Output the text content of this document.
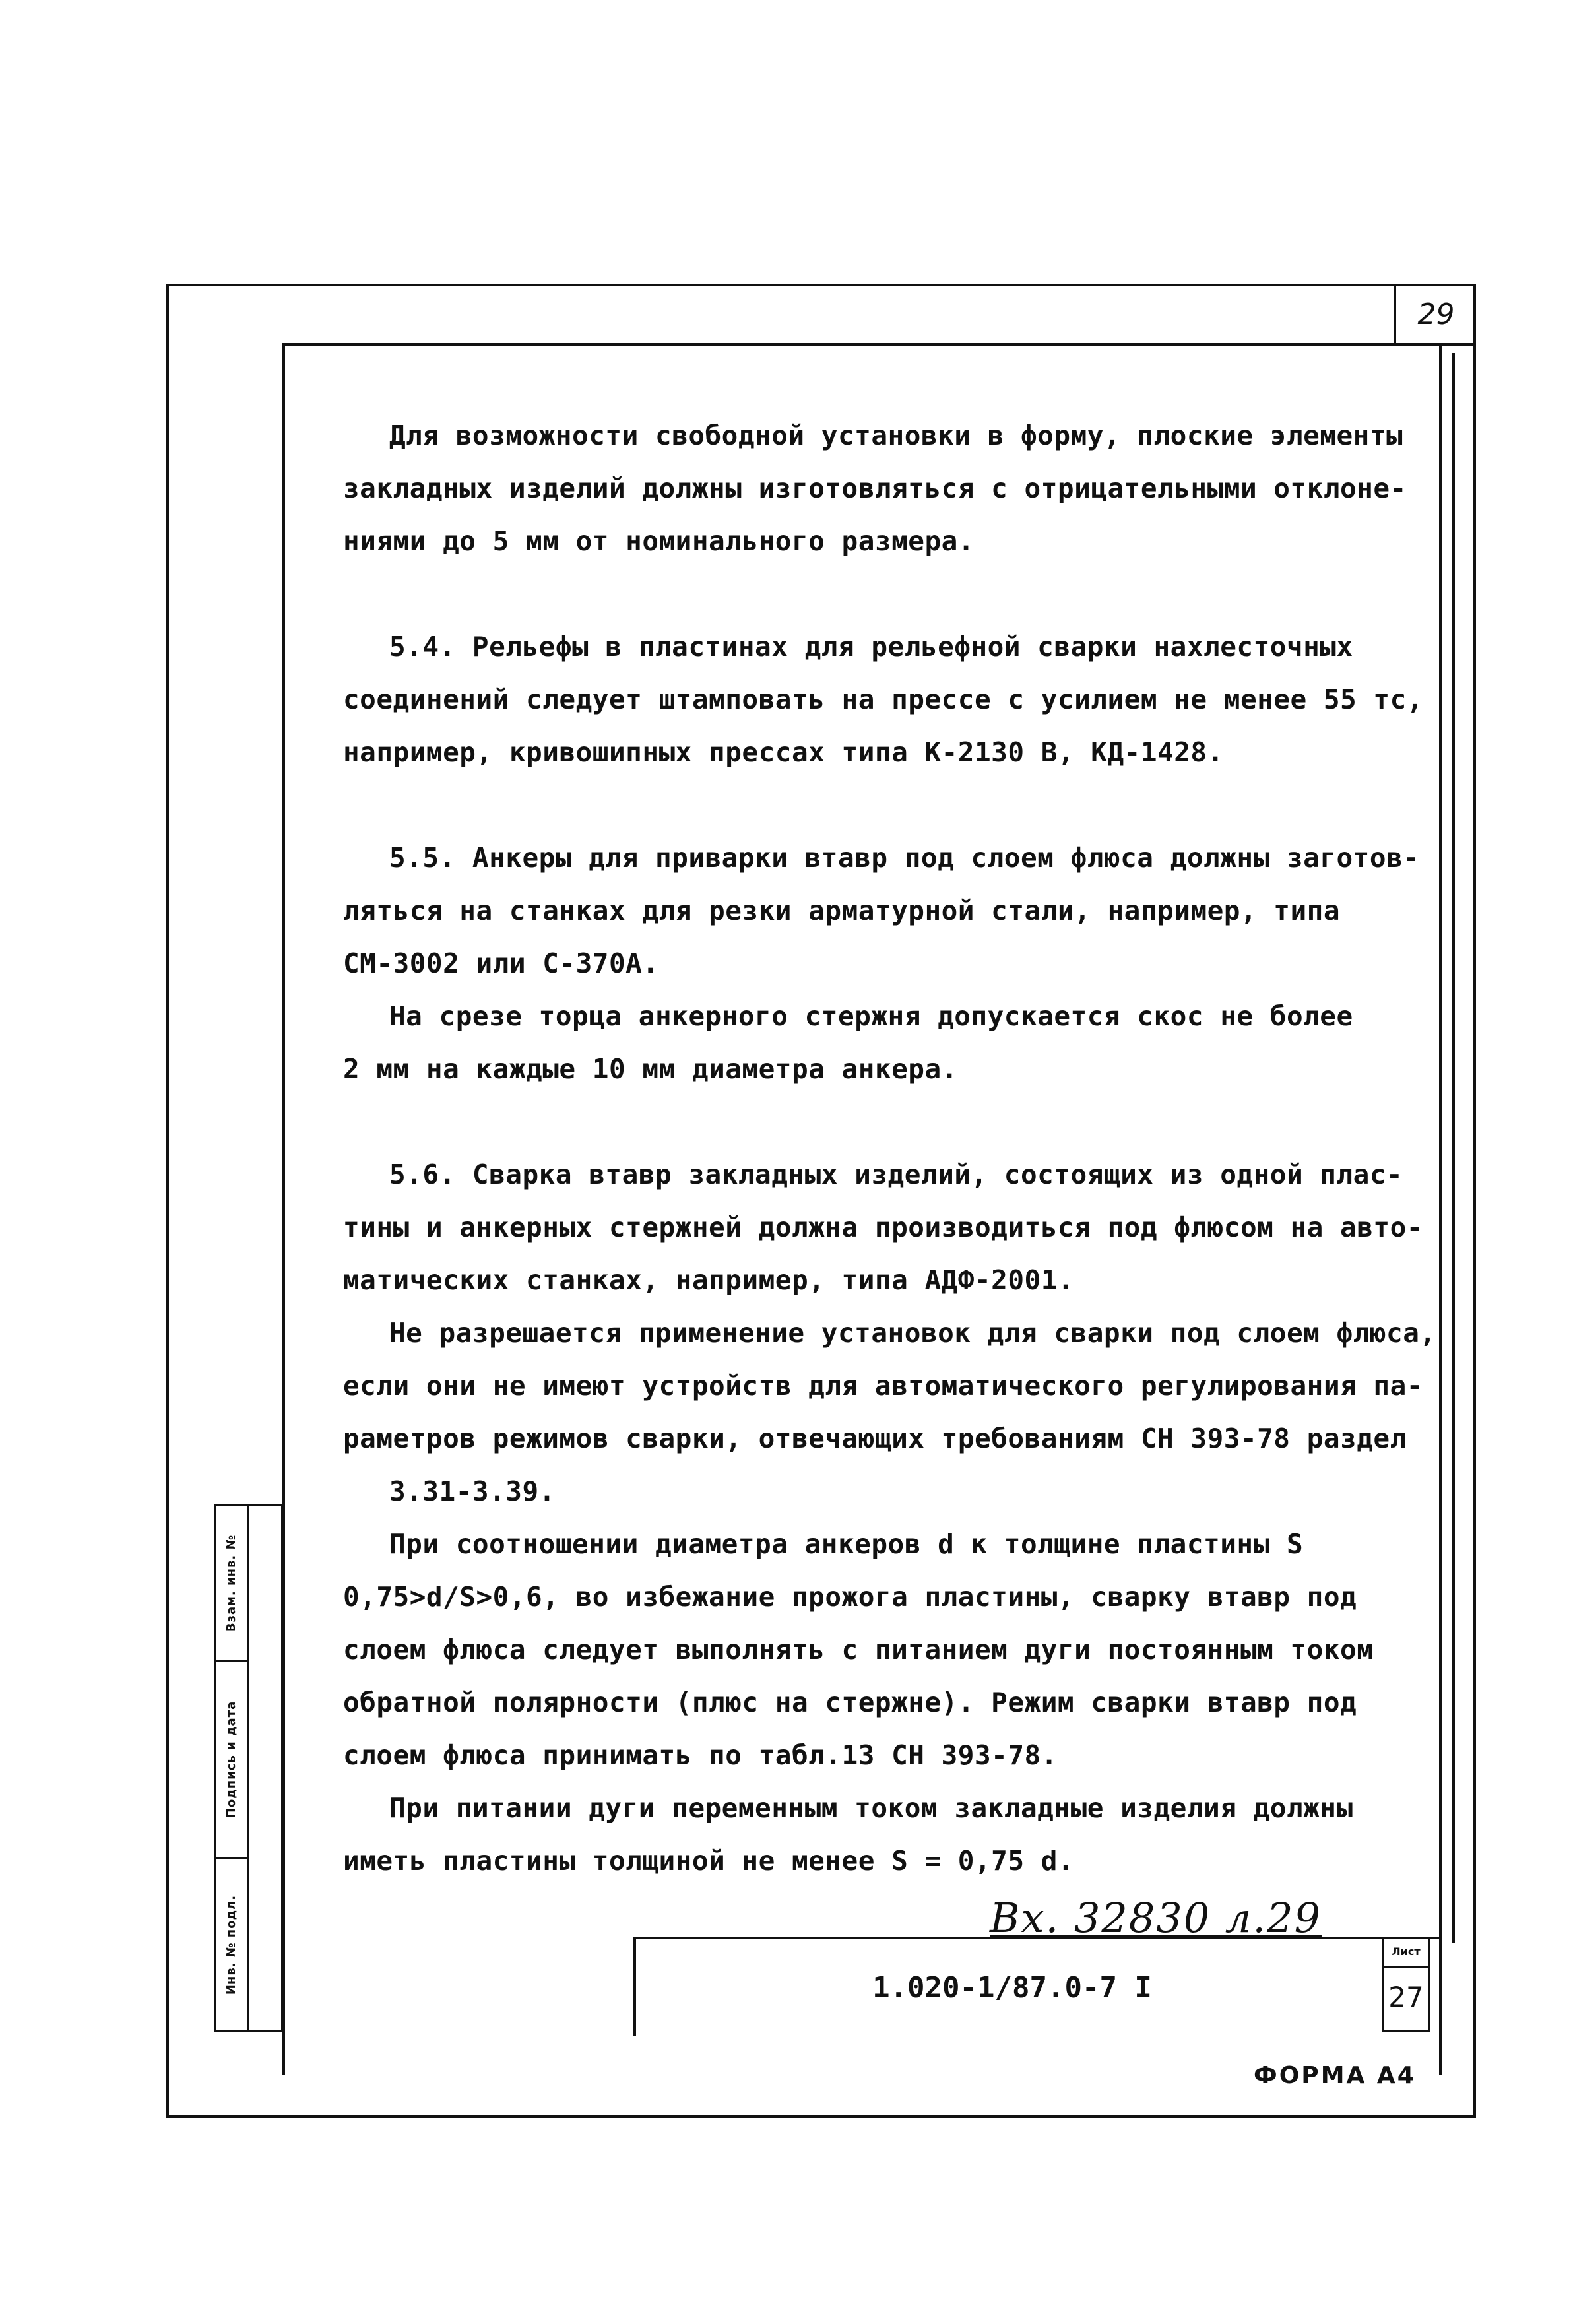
29
Для возможности свободной установки в форму, плоские элементы
закладных изделий должны изготовляться с отрицательными отклоне-
ниями до 5 мм от номинального размера.
5.4. Рельефы в пластинах для рельефной сварки нахлесточных
соединений следует штамповать на прессе с усилием не менее 55 тс,
например, кривошипных прессах типа К-2130 В, КД-1428.
5.5. Анкеры для приварки втавр под слоем флюса должны заготов-
ляться на станках для резки арматурной стали, например, типа
СМ-3002 или С-370А.
На срезе торца анкерного стержня допускается скос не более
2 мм на каждые 10 мм диаметра анкера.
5.6. Сварка втавр закладных изделий, состоящих из одной плас-
тины и анкерных стержней должна производиться под флюсом на авто-
матических станках, например, типа АДФ-2001.
Не разрешается применение установок для сварки под слоем флюса,
если они не имеют устройств для автоматического регулирования па-
раметров режимов сварки, отвечающих требованиям СН 393-78 раздел
3.31-3.39.
При соотношении диаметра анкеров d к толщине пластины S
0,75>d/S>0,6, во избежание прожога пластины, сварку втавр под
слоем флюса следует выполнять с питанием дуги постоянным током
обратной полярности (плюс на стержне). Режим сварки втавр под
слоем флюса принимать по табл.13 СН 393-78.
При питании дуги переменным током закладные изделия должны
иметь пластины толщиной не менее S = 0,75 d.
Взам. инв. №
Подпись и дата
Инв. № подл.	Вх. 32830 л.29
1.020-1/87.0-7 I
Лист
27
ФОРМА А4
